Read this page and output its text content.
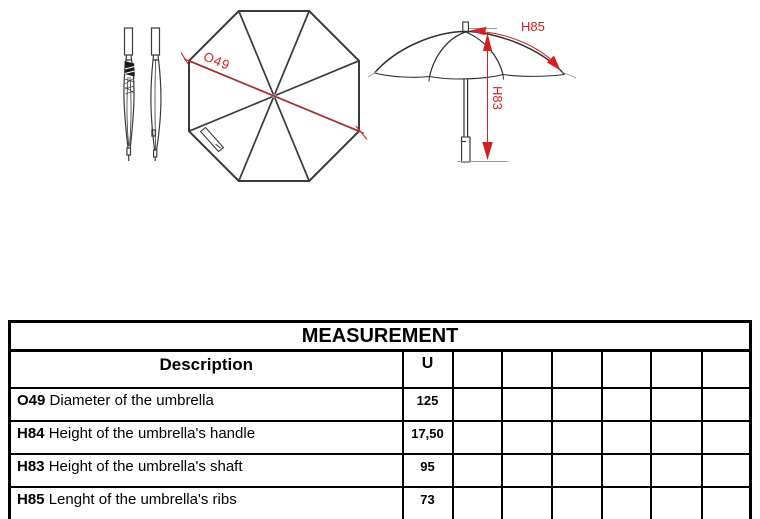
O49
H85
H83
MEASUREMENT							
Description	U						
O49 Diameter of the umbrella	125						
H84 Height of the umbrella's handle	17,50						
H83 Height of the umbrella's shaft	95						
H85 Lenght of the umbrella's ribs	73						
